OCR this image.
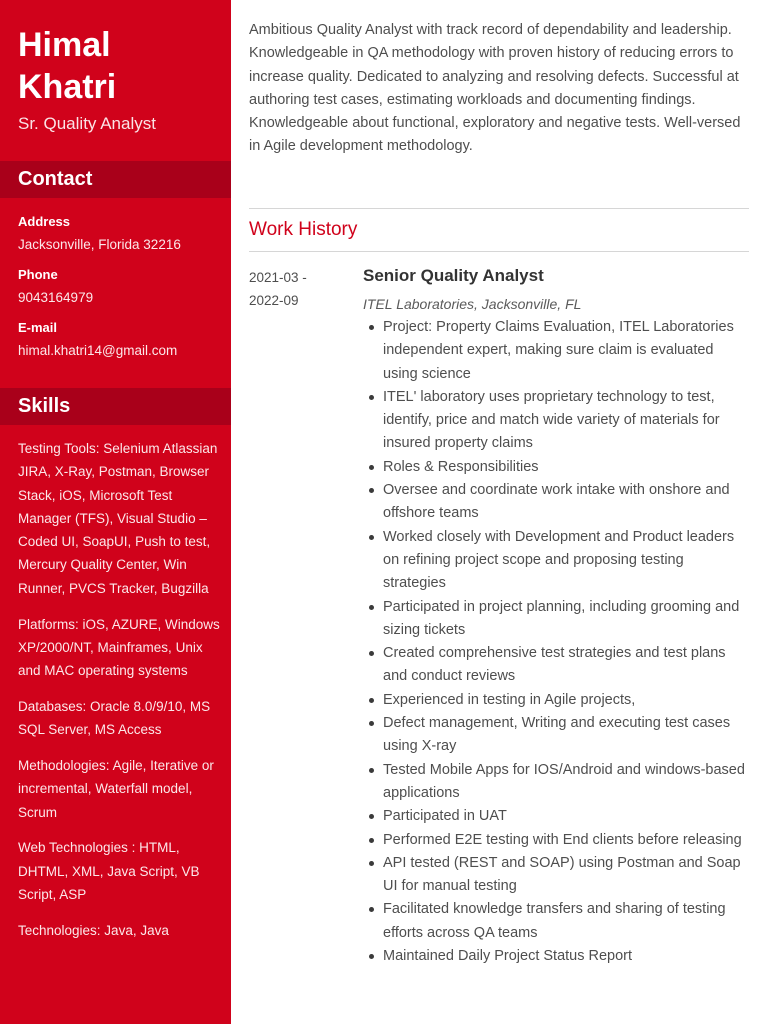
Himal
Khatri
Sr. Quality Analyst
Contact
Address
Jacksonville, Florida 32216
Phone
9043164979
E-mail
himal.khatri14@gmail.com
Skills
Testing Tools: Selenium Atlassian JIRA, X-Ray, Postman, Browser Stack, iOS, Microsoft Test Manager (TFS), Visual Studio – Coded UI, SoapUI, Push to test, Mercury Quality Center, Win Runner, PVCS Tracker, Bugzilla
Platforms: iOS, AZURE, Windows XP/2000/NT, Mainframes, Unix and MAC operating systems
Databases: Oracle 8.0/9/10, MS SQL Server, MS Access
Methodologies: Agile, Iterative or incremental, Waterfall model, Scrum
Web Technologies : HTML, DHTML, XML, Java Script, VB Script, ASP
Technologies: Java, Java
Ambitious Quality Analyst with track record of dependability and leadership. Knowledgeable in QA methodology with proven history of reducing errors to increase quality. Dedicated to analyzing and resolving defects. Successful at authoring test cases, estimating workloads and documenting findings. Knowledgeable about functional, exploratory and negative tests. Well-versed in Agile development methodology.
Work History
2021-03 -
2022-09
Senior Quality Analyst
ITEL Laboratories, Jacksonville, FL
Project: Property Claims Evaluation, ITEL Laboratories independent expert, making sure claim is evaluated using science
ITEL' laboratory uses proprietary technology to test, identify, price and match wide variety of materials for insured property claims
Roles & Responsibilities
Oversee and coordinate work intake with onshore and offshore teams
Worked closely with Development and Product leaders on refining project scope and proposing testing strategies
Participated in project planning, including grooming and sizing tickets
Created comprehensive test strategies and test plans and conduct reviews
Experienced in testing in Agile projects,
Defect management, Writing and executing test cases using X-ray
Tested Mobile Apps for IOS/Android and windows-based applications
Participated in UAT
Performed E2E testing with End clients before releasing
API tested (REST and SOAP) using Postman and Soap UI for manual testing
Facilitated knowledge transfers and sharing of testing efforts across QA teams
Maintained Daily Project Status Report
